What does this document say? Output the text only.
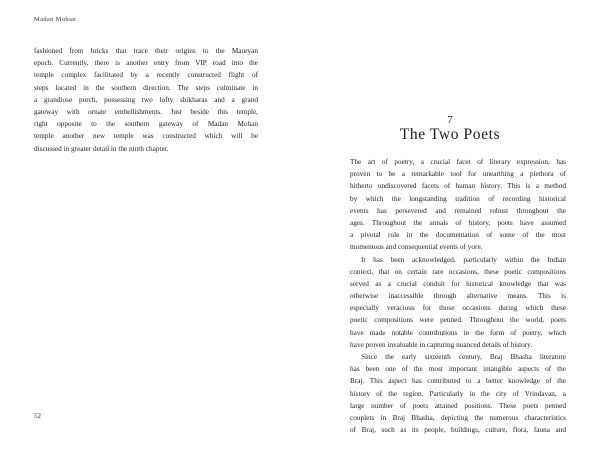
Madan Mohan
fashioned from bricks that trace their origins to the Mauryan
epoch. Currently, there is another entry from VIP road into the
temple complex facilitated by a recently constructed flight of
steps located in the southern direction. The steps culminate in
a grandiose porch, possessing two lofty shikharas and a grand
gateway with ornate embellishments. Just beside this temple,
right opposite to the southern gateway of Madan Mohan
temple another new temple was constructed which will be
discussed in greater detail in the ninth chapter.
52
7
The Two Poets
The art of poetry, a crucial facet of literary expression, has
proven to be a remarkable tool for unearthing a plethora of
hitherto undiscovered facets of human history. This is a method
by which the longstanding tradition of recording historical
events has persevered and remained robust throughout the
ages. Throughout the annals of history, poets have assumed
a pivotal role in the documentation of some of the most
momentous and consequential events of yore.
It has been acknowledged, particularly within the Indian
context, that on certain rare occasions, these poetic compositions
served as a crucial conduit for historical knowledge that was
otherwise inaccessible through alternative means. This is
especially veracious for those occasions during which these
poetic compositions were penned. Throughout the world, poets
have made notable contributions in the form of poetry, which
have proven invaluable in capturing nuanced details of history.
Since the early sixteenth century, Braj Bhasha literature
has been one of the most important intangible aspects of the
Braj. This aspect has contributed to a better knowledge of the
history of the region. Particularly in the city of Vrindavan, a
large number of poets attained positions. These poets penned
couplets in Braj Bhasha, depicting the numerous characteristics
of Braj, such as its people, buildings, culture, flora, fauna and
